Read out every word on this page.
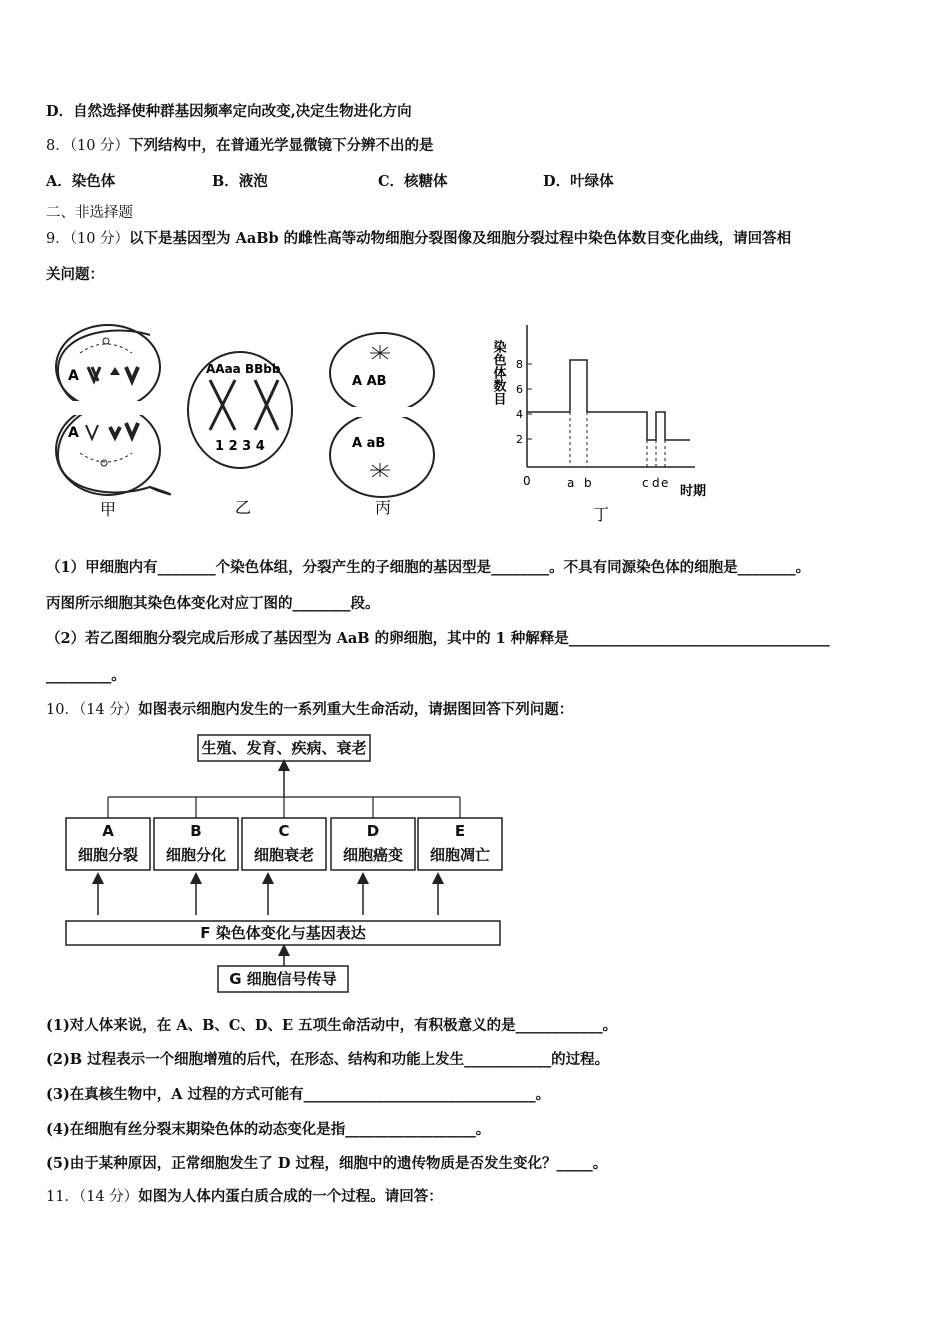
D．自然选择使种群基因频率定向改变,决定生物进化方向
8．（10 分）下列结构中，在普通光学显微镜下分辨不出的是
A．染色体	B．液泡	C．核糖体	D．叶绿体
二、非选择题
9．（10 分）以下是基因型为 AaBb 的雌性高等动物细胞分裂图像及细胞分裂过程中染色体数目变化曲线，请回答相
关问题：
A
A
甲
AAaa BBbb
1 2 3 4
乙
A AB
A aB
丙
染色体数目 8
6
4
2
0	a b	c d e
时期
丁
（1）甲细胞内有________个染色体组，分裂产生的子细胞的基因型是________。不具有同源染色体的细胞是________。
丙图所示细胞其染色体变化对应丁图的________段。
（2）若乙图细胞分裂完成后形成了基因型为 AaB 的卵细胞，其中的 1 种解释是____________________________________
_________。
10．（14 分）如图表示细胞内发生的一系列重大生命活动，请据图回答下列问题：
生殖、发育、疾病、衰老
A
细胞分裂
B
细胞分化
C
细胞衰老
D
细胞癌变
E
细胞凋亡
F 染色体变化与基因表达
G 细胞信号传导
(1)对人体来说，在 A、B、C、D、E 五项生命活动中，有积极意义的是____________。
(2)B 过程表示一个细胞增殖的后代，在形态、结构和功能上发生____________的过程。
(3)在真核生物中，A 过程的方式可能有________________________________。
(4)在细胞有丝分裂末期染色体的动态变化是指__________________。
(5)由于某种原因，正常细胞发生了 D 过程，细胞中的遗传物质是否发生变化？_____。
11．（14 分）如图为人体内蛋白质合成的一个过程。请回答：
